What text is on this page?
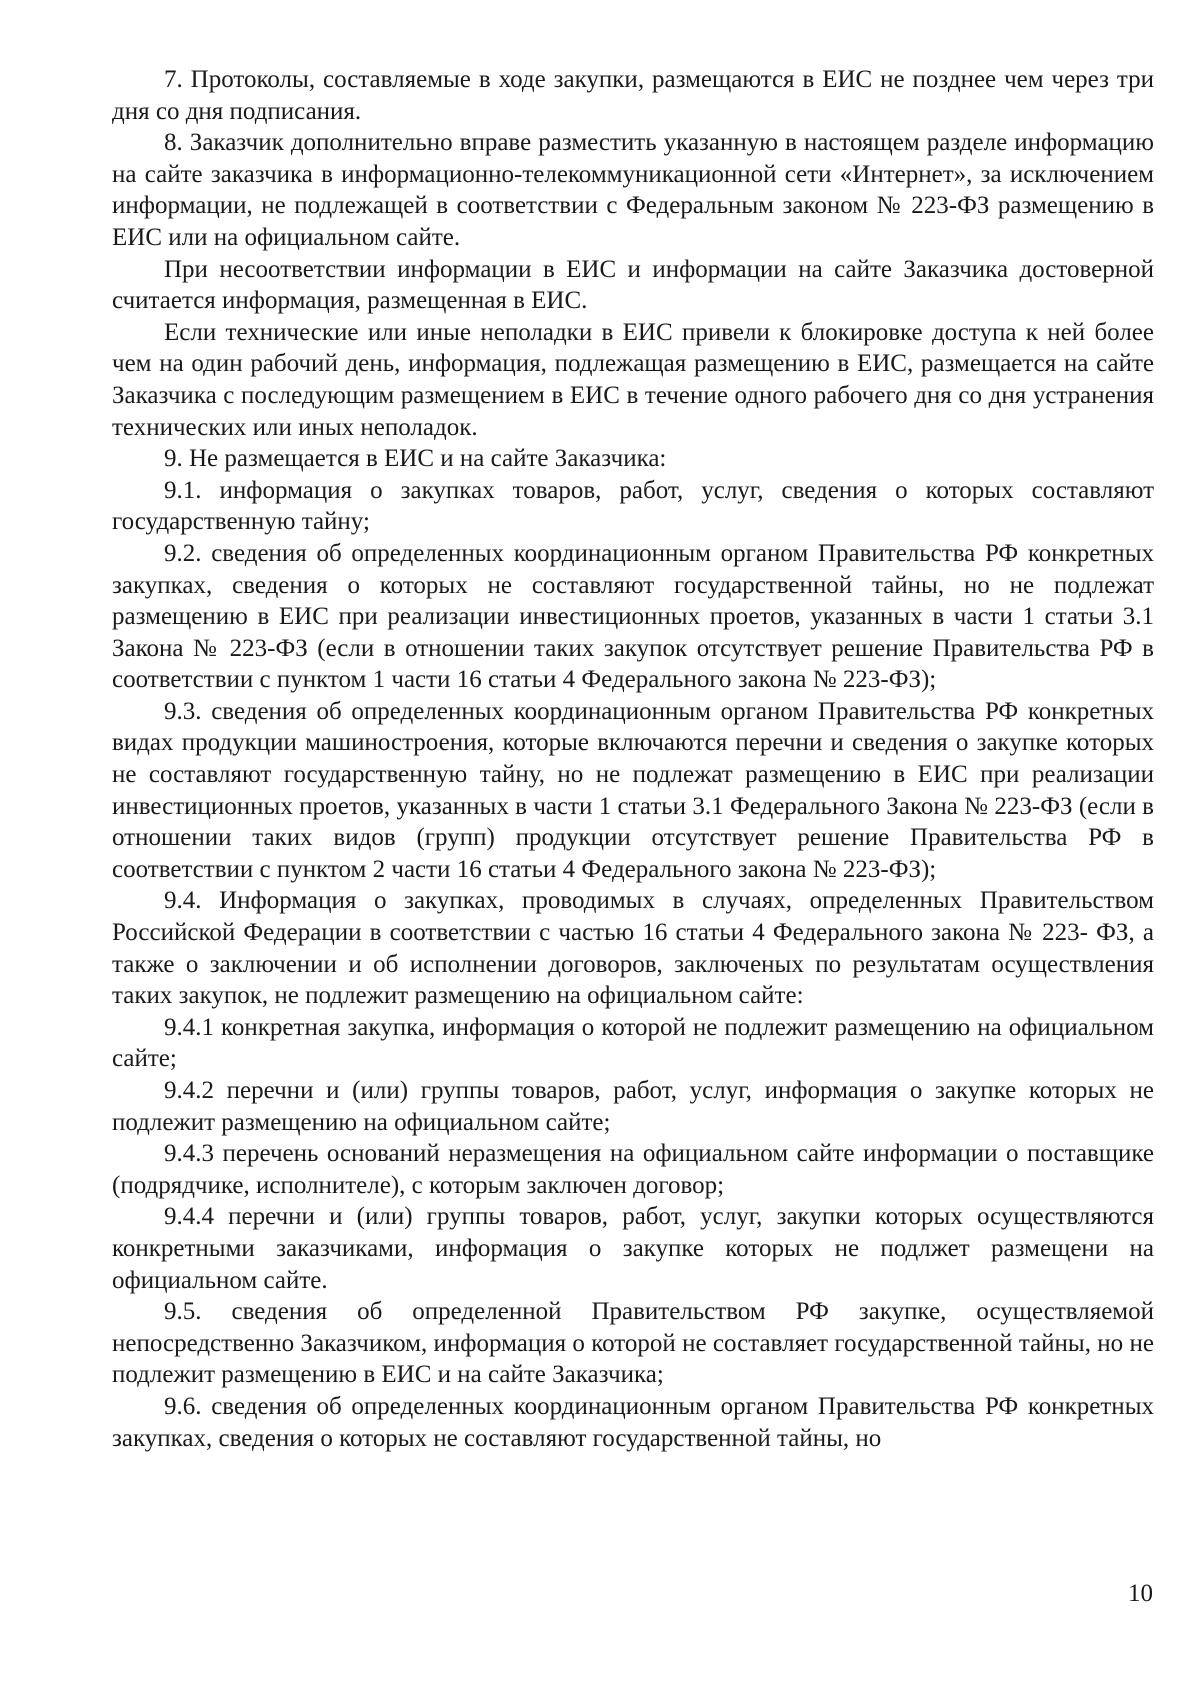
7. Протоколы, составляемые в ходе закупки, размещаются в ЕИС не позднее чем через три дня со дня подписания.

8. Заказчик дополнительно вправе разместить указанную в настоящем разделе информацию на сайте заказчика в информационно-телекоммуникационной сети «Интернет», за исключением информации, не подлежащей в соответствии с Федеральным законом № 223-ФЗ размещению в ЕИС или на официальном сайте.

При несоответствии информации в ЕИС и информации на сайте Заказчика достоверной считается информация, размещенная в ЕИС.

Если технические или иные неполадки в ЕИС привели к блокировке доступа к ней более чем на один рабочий день, информация, подлежащая размещению в ЕИС, размещается на сайте Заказчика с последующим размещением в ЕИС в течение одного рабочего дня со дня устранения технических или иных неполадок.

9. Не размещается в ЕИС и на сайте Заказчика:

9.1. информация о закупках товаров, работ, услуг, сведения о которых составляют государственную тайну;

9.2. сведения об определенных координационным органом Правительства РФ конкретных закупках, сведения о которых не составляют государственной тайны, но не подлежат размещению в ЕИС при реализации инвестиционных проетов, указанных в части 1 статьи 3.1 Закона № 223-ФЗ (если в отношении таких закупок отсутствует решение Правительства РФ в соответствии с пунктом 1 части 16 статьи 4 Федерального закона № 223-ФЗ);

9.3. сведения об определенных координационным органом Правительства РФ конкретных видах продукции машиностроения, которые включаются перечни и сведения о закупке которых не составляют государственную тайну, но не подлежат размещению в ЕИС при реализации инвестиционных проетов, указанных в части 1 статьи 3.1 Федерального Закона № 223-ФЗ (если в отношении таких видов (групп) продукции отсутствует решение Правительства РФ в соответствии с пунктом 2 части 16 статьи 4 Федерального закона № 223-ФЗ);

9.4. Информация о закупках, проводимых в случаях, определенных Правительством Российской Федерации в соответствии с частью 16 статьи 4 Федерального закона № 223- ФЗ, а также о заключении и об исполнении договоров, заключеных по результатам осуществления таких закупок, не подлежит размещению на официальном сайте:

9.4.1 конкретная закупка, информация о которой не подлежит размещению на официальном сайте;

9.4.2 перечни и (или) группы товаров, работ, услуг, информация о закупке которых не подлежит размещению на официальном сайте;

9.4.3 перечень оснований неразмещения на официальном сайте информации о поставщике (подрядчике, исполнителе), с которым заключен договор;

9.4.4 перечни и (или) группы товаров, работ, услуг, закупки которых осуществляются конкретными заказчиками, информация о закупке которых не подлжет размещени на официальном сайте.

9.5. сведения об определенной Правительством РФ закупке, осуществляемой непосредственно Заказчиком, информация о которой не составляет государственной тайны, но не подлежит размещению в ЕИС и на сайте Заказчика;

9.6. сведения об определенных координационным органом Правительства РФ конкретных закупках, сведения о которых не составляют государственной тайны, но

10
